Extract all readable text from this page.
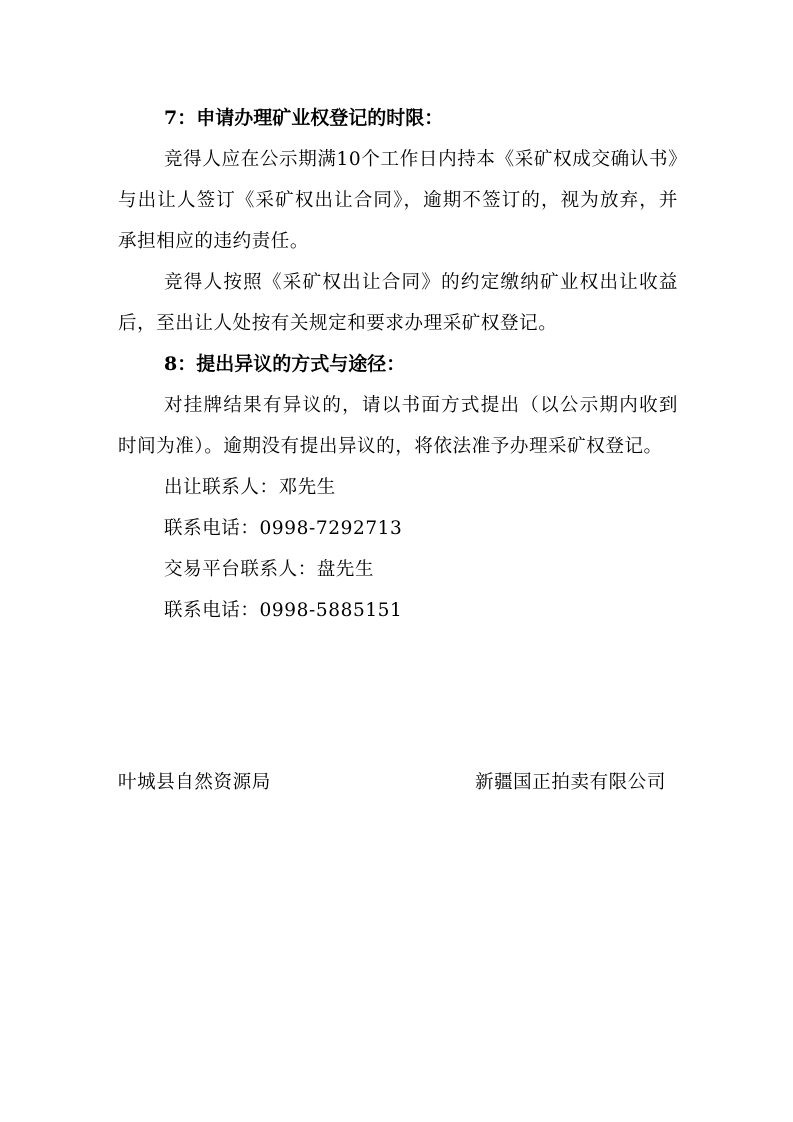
7：申请办理矿业权登记的时限：

竞得人应在公示期满10个工作日内持本《采矿权成交确认书》与出让人签订《采矿权出让合同》，逾期不签订的，视为放弃，并承担相应的违约责任。

竞得人按照《采矿权出让合同》的约定缴纳矿业权出让收益后，至出让人处按有关规定和要求办理采矿权登记。

8：提出异议的方式与途径：

对挂牌结果有异议的，请以书面方式提出（以公示期内收到时间为准）。逾期没有提出异议的，将依法准予办理采矿权登记。

出让联系人：邓先生

联系电话：0998-7292713

交易平台联系人：盘先生

联系电话：0998-5885151

叶城县自然资源局	新疆国正拍卖有限公司
